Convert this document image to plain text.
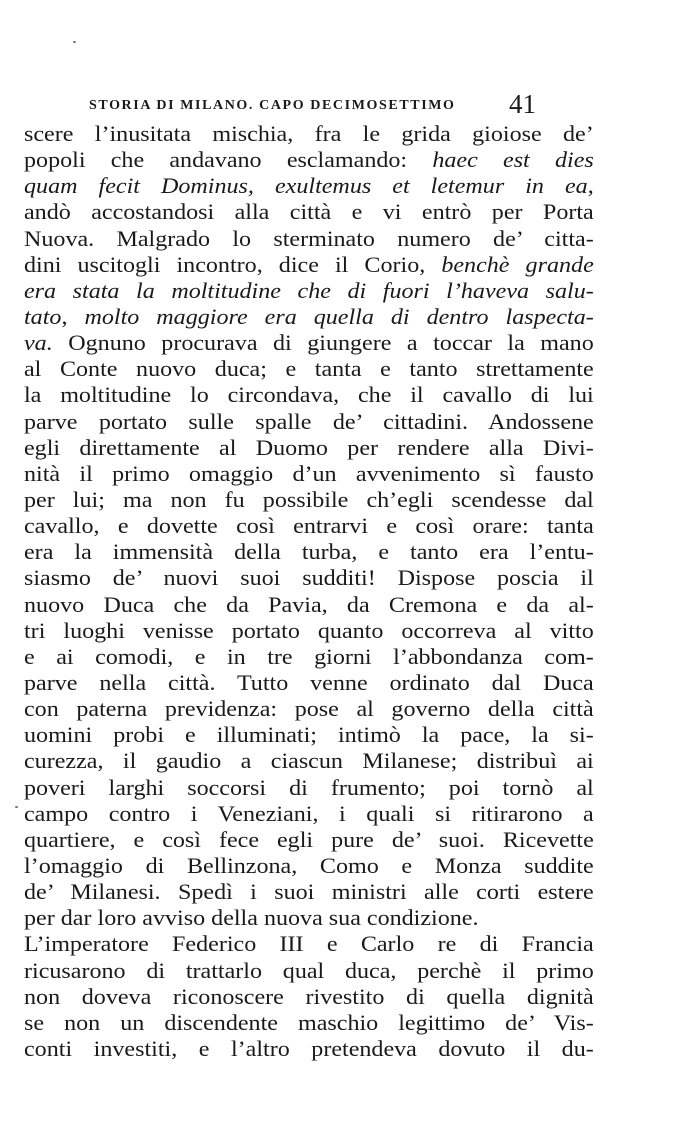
STORIA DI MILANO. CAPO DECIMOSETTIMO 41
scere l’inusitata mischia, fra le grida gioiose de’
popoli che andavano esclamando: haec est dies
quam fecit Dominus, exultemus et letemur in ea,
andò accostandosi alla città e vi entrò per Porta
Nuova. Malgrado lo sterminato numero de’ citta-
dini uscitogli incontro, dice il Corio, benchè grande
era stata la moltitudine che di fuori l’haveva salu-
tato, molto maggiore era quella di dentro laspecta-
va. Ognuno procurava di giungere a toccar la mano
al Conte nuovo duca; e tanta e tanto strettamente
la moltitudine lo circondava, che il cavallo di lui
parve portato sulle spalle de’ cittadini. Andossene
egli direttamente al Duomo per rendere alla Divi-
nità il primo omaggio d’un avvenimento sì fausto
per lui; ma non fu possibile ch’egli scendesse dal
cavallo, e dovette così entrarvi e così orare: tanta
era la immensità della turba, e tanto era l’entu-
siasmo de’ nuovi suoi sudditi! Dispose poscia il
nuovo Duca che da Pavia, da Cremona e da al-
tri luoghi venisse portato quanto occorreva al vitto
e ai comodi, e in tre giorni l’abbondanza com-
parve nella città. Tutto venne ordinato dal Duca
con paterna previdenza: pose al governo della città
uomini probi e illuminati; intimò la pace, la si-
curezza, il gaudio a ciascun Milanese; distribuì ai
poveri larghi soccorsi di frumento; poi tornò al
campo contro i Veneziani, i quali si ritirarono a
quartiere, e così fece egli pure de’ suoi. Ricevette
l’omaggio di Bellinzona, Como e Monza suddite
de’ Milanesi. Spedì i suoi ministri alle corti estere
per dar loro avviso della nuova sua condizione.
L’imperatore Federico III e Carlo re di Francia
ricusarono di trattarlo qual duca, perchè il primo
non doveva riconoscere rivestito di quella dignità
se non un discendente maschio legittimo de’ Vis-
conti investiti, e l’altro pretendeva dovuto il du-
